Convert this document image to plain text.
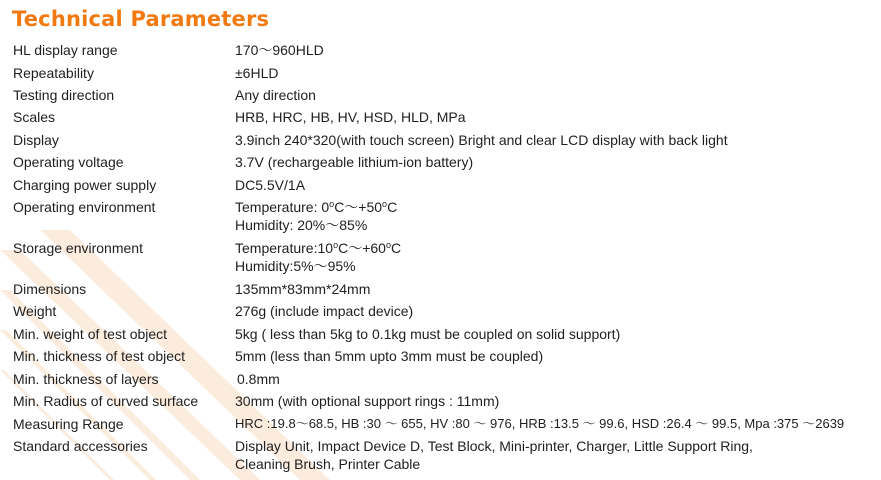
Technical Parameters
HL display range	170～960HLD
Repeatability	±6HLD
Testing direction	Any direction
Scales	HRB, HRC, HB, HV, HSD, HLD, MPa
Display	3.9inch 240*320(with touch screen) Bright and clear LCD display with back light
Operating voltage	3.7V (rechargeable lithium-ion battery)
Charging power supply	DC5.5V/1A
Operating environment	Temperature: $0^oC\sim+50^oC$
Humidity: 20%～85%
Storage environment	$Temperature:10^oC\sim+60^oC$
Humidity:5%～95%
Dimensions	135mm*83mm*24mm
Weight	276g (include impact device)
Min. weight of test object	5kg ( less than 5kg to 0.1kg must be coupled on solid support)
Min. thickness of test object	5mm (less than 5mm upto 3mm must be coupled)
Min. thickness of layers	0.8mm
Min. Radius of curved surface	30mm (with optional support rings : 11mm)
Measuring Range	HRC :19.8～68.5, HB :30 ～ 655, HV :80 ～ 976, HRB :13.5 ～ 99.6, HSD :26.4 ～ 99.5, Mpa :375 ～2639
Standard accessories	Display Unit, Impact Device D, Test Block, Mini-printer, Charger, Little Support Ring,
Cleaning Brush, Printer Cable
